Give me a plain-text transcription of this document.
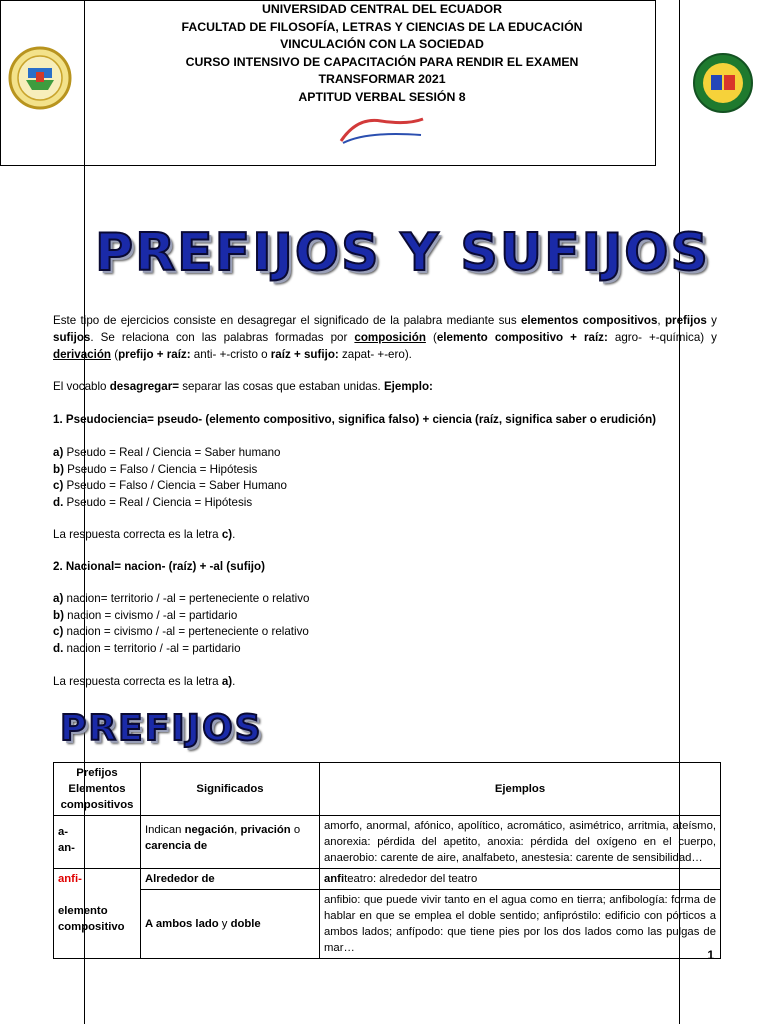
UNIVERSIDAD CENTRAL DEL ECUADOR
FACULTAD DE FILOSOFÍA, LETRAS Y CIENCIAS DE LA EDUCACIÓN
VINCULACIÓN CON LA SOCIEDAD
CURSO INTENSIVO DE CAPACITACIÓN PARA RENDIR EL EXAMEN
TRANSFORMAR 2021
APTITUD VERBAL SESIÓN 8
PREFIJOS Y SUFIJOS

Este tipo de ejercicios consiste en desagregar el significado de la palabra mediante sus elementos compositivos, prefijos y sufijos. Se relaciona con las palabras formadas por composición (elemento compositivo + raíz: agro- +-química) y derivación (prefijo + raíz: anti- +-cristo o raíz + sufijo: zapat- +-ero).

El vocablo desagregar= separar las cosas que estaban unidas. Ejemplo:

1. Pseudociencia= pseudo- (elemento compositivo, significa falso) + ciencia (raíz, significa saber o erudición)

a) Pseudo = Real / Ciencia = Saber humano
b) Pseudo = Falso / Ciencia = Hipótesis
c) Pseudo = Falso / Ciencia = Saber Humano
d. Pseudo = Real / Ciencia = Hipótesis

La respuesta correcta es la letra c).

2. Nacional= nacion- (raíz) + -al (sufijo)

a) nacion= territorio / -al = perteneciente o relativo
b) nacion = civismo / -al = partidario
c) nacion = civismo / -al = perteneciente o relativo
d. nacion = territorio / -al = partidario

La respuesta correcta es la letra a).

PREFIJOS
Prefijos Elementos compositivos	Significados	Ejemplos
a-
an-	Indican negación, privación o carencia de	amorfo, anormal, afónico, apolítico, acromático, asimétrico, arritmia, ateísmo, anorexia: pérdida del apetito, anoxia: pérdida del oxígeno en el cuerpo, anaerobio: carente de aire, analfabeto, anestesia: carente de sensibilidad…

anfi-
elemento compositivo	Alrededor de	anfiteatro: alrededor del teatro
	A ambos lado y doble	anfibio: que puede vivir tanto en el agua como en tierra; anfibología: forma de hablar en que se emplea el doble sentido; anfipróstilo: edificio con pórticos a ambos lados; anfípodo: que tiene pies por los dos lados como las pulgas de mar…	1
